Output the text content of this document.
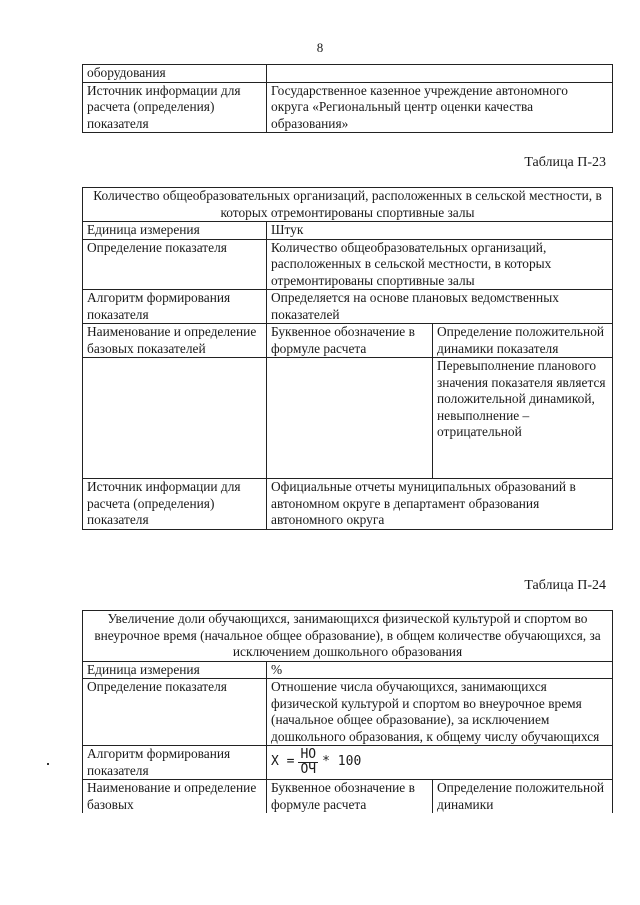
8
оборудования	
Источник информации для расчета (определения) показателя	Государственное казенное учреждение автономного округа «Региональный центр оценки качества образования»
Таблица П-23
Количество общеобразовательных организаций, расположенных в сельской местности, в которых отремонтированы спортивные залы		
Единица измерения	Штук	
Определение показателя	Количество общеобразовательных организаций, расположенных в сельской местности, в которых отремонтированы спортивные залы	
Алгоритм формирования показателя	Определяется на основе плановых ведомственных показателей	
Наименование и определение базовых показателей	Буквенное обозначение в формуле расчета	Определение положительной динамики показателя
		Перевыполнение планового значения показателя является положительной динамикой, невыполнение – отрицательной
Источник информации для расчета (определения) показателя	Официальные отчеты муниципальных образований в автономном округе в департамент образования автономного округа	
Таблица П-24
Увеличение доли обучающихся, занимающихся физической культурой и спортом во внеурочное время (начальное общее образование), в общем количестве обучающихся, за исключением дошкольного образования		
Единица измерения	%	
Определение показателя	Отношение числа обучающихся, занимающихся физической культурой и спортом во внеурочное время (начальное общее образование), за исключением дошкольного образования, к общему числу обучающихся	
Алгоритм формирования показателя	$X = \frac{НО}{ОЧ} * 100$	

Наименование и определение базовых	Буквенное обозначение в формуле расчета	Определение положительной динамики
